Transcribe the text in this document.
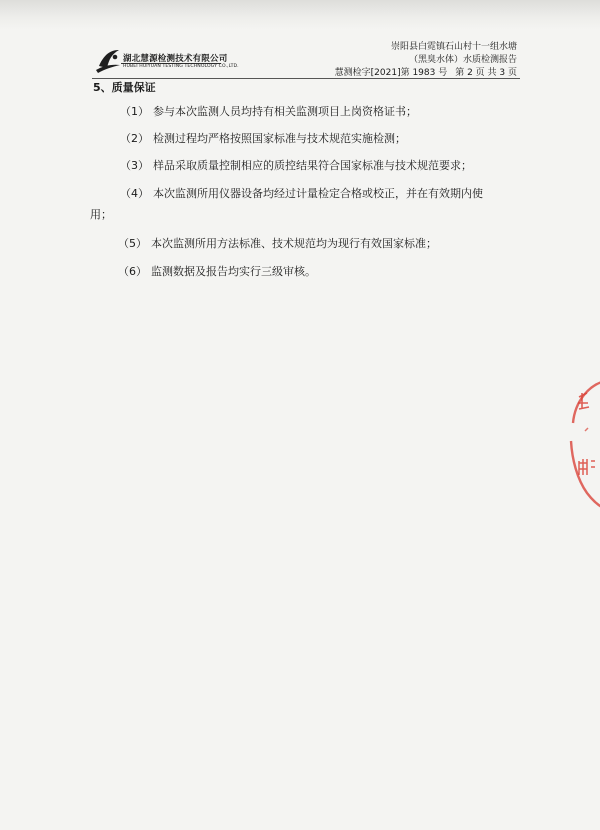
湖北慧源检测技术有限公司
HUBEI HUIYUAN TESTING TECHNOLOGY CO.,LTD.
崇阳县白霓镇石山村十一组水塘
（黑臭水体）水质检测报告
慧测检字[2021]第 1983 号 第 2 页 共 3 页
5、质量保证
（1） 参与本次监测人员均持有相关监测项目上岗资格证书；
（2） 检测过程均严格按照国家标准与技术规范实施检测；
（3） 样品采取质量控制相应的质控结果符合国家标准与技术规范要求；
（4） 本次监测所用仪器设备均经过计量检定合格或校正，并在有效期内使
用；
（5） 本次监测所用方法标准、技术规范均为现行有效国家标准；
（6） 监测数据及报告均实行三级审核。
